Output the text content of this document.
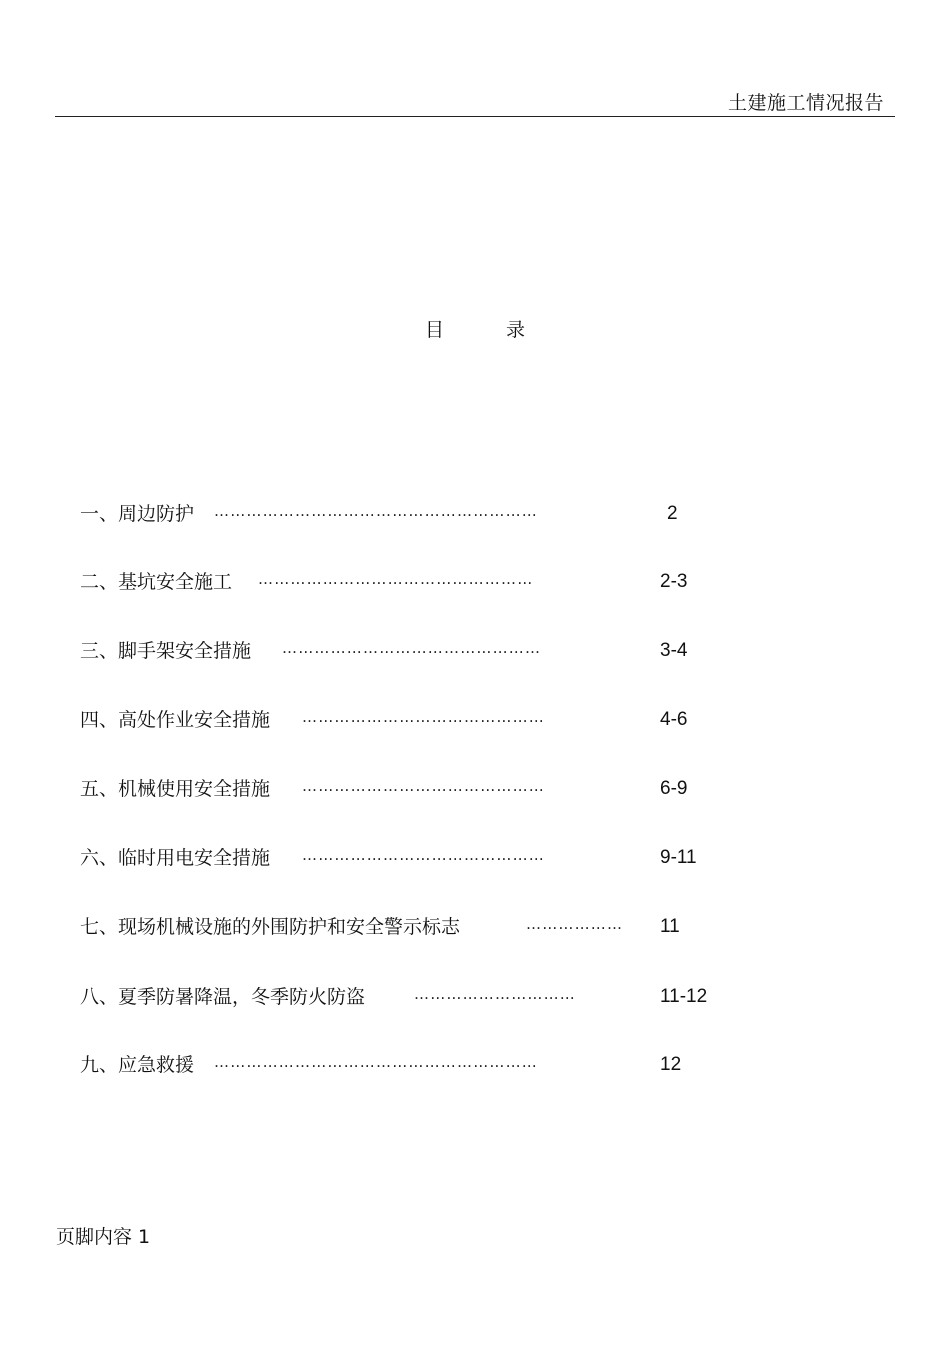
土建施工情况报告
目 录
一、周边防护 ……………………………………………………	2
二、基坑安全施工 ……………………………………………	2-3
三、脚手架安全措施 …………………………………………	3-4
四、高处作业安全措施 ………………………………………	4-6
五、机械使用安全措施 ………………………………………	6-9
六、临时用电安全措施 ………………………………………	9-11
七、现场机械设施的外围防护和安全警示标志	………………	11
八、夏季防暑降温，冬季防火防盗	…………………………	11-12
九、应急救援 ……………………………………………………	12
页脚内容 1
